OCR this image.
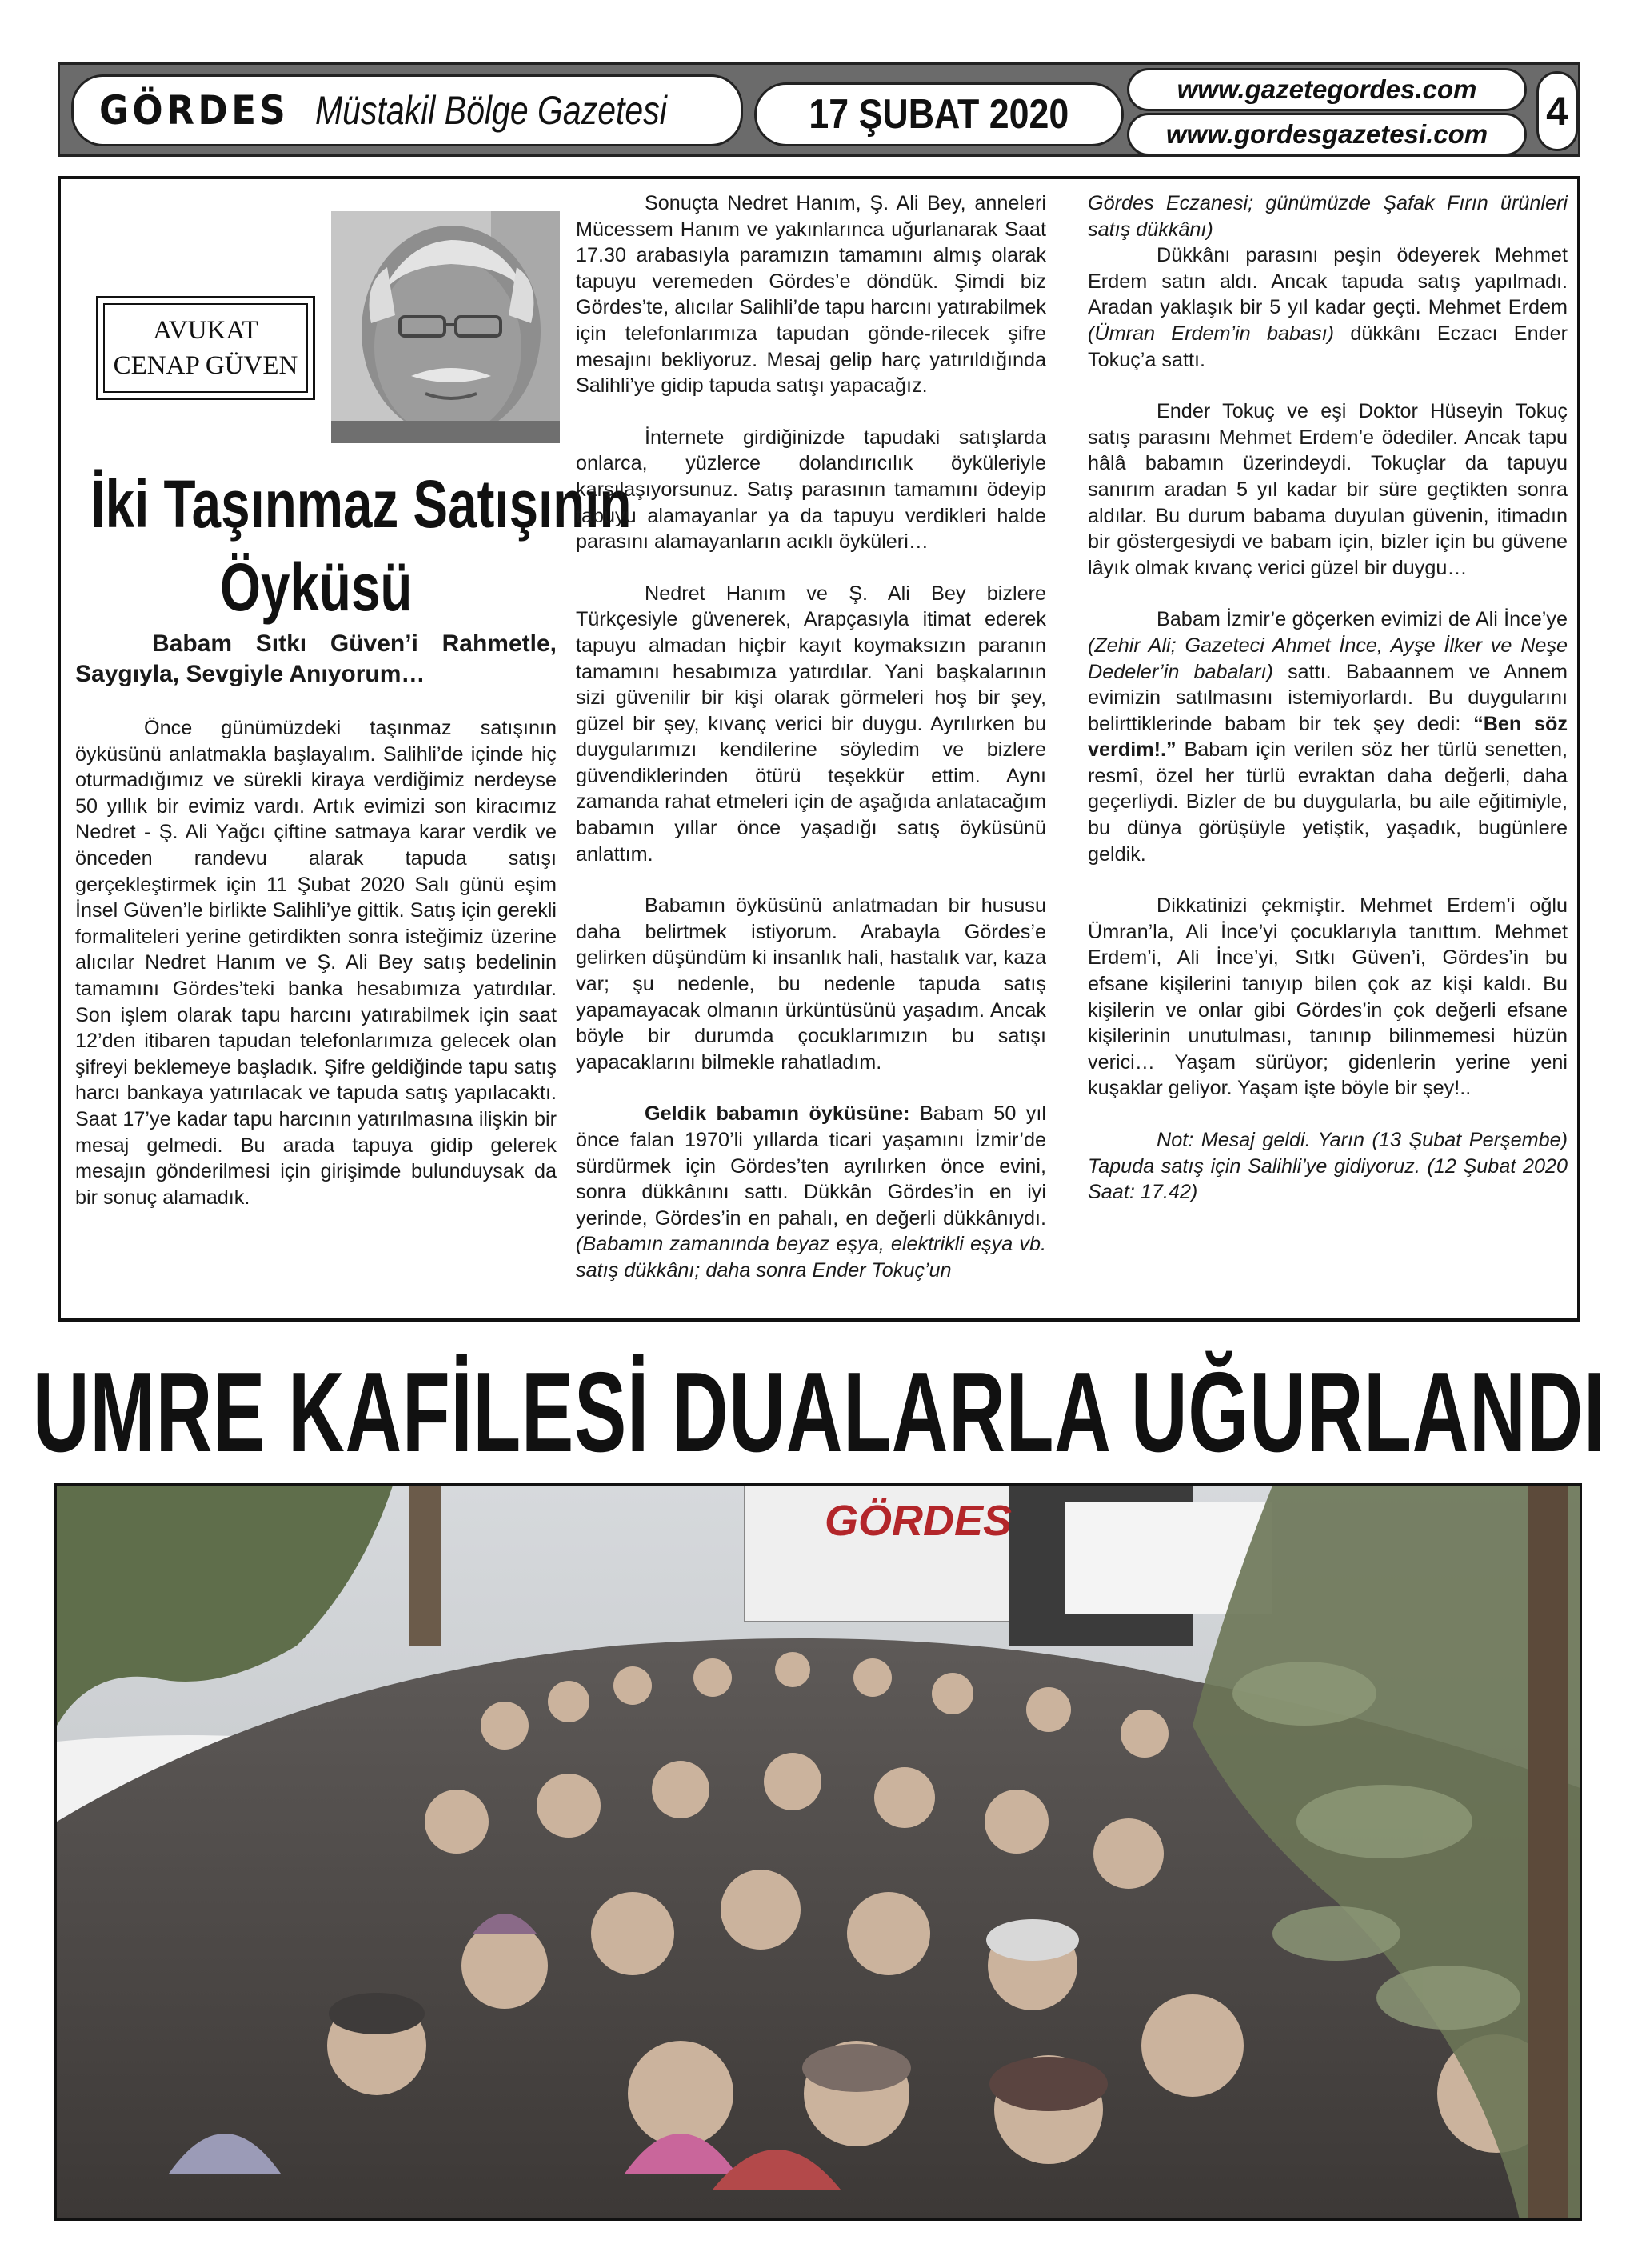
GÖRDES Müstakil Bölge Gazetesi	17 ŞUBAT 2020
www.gazetegordes.com
www.gordesgazetesi.com
4
AVUKAT
CENAP GÜVEN
İki Taşınmaz Satışının
Öyküsü

Babam Sıtkı Güven’i Rahmetle, Saygıyla, Sevgiyle Anıyorum…

Önce günümüzdeki taşınmaz satışının öyküsünü anlatmakla başlayalım. Salihli’de içinde hiç oturmadığımız ve sürekli kiraya verdiğimiz nerdeyse 50 yıllık bir evimiz vardı. Artık evimizi son kiracımız Nedret - Ş. Ali Yağcı çiftine satmaya karar verdik ve önceden randevu alarak tapuda satışı gerçekleştirmek için 11 Şubat 2020 Salı günü eşim İnsel Güven’le birlikte Salihli’ye gittik. Satış için gerekli formaliteleri yerine getirdikten sonra isteğimiz üzerine alıcılar Nedret Hanım ve Ş. Ali Bey satış bedelinin tamamını Gördes’teki banka hesabımıza yatırdılar. Son işlem olarak tapu harcını yatırabilmek için saat 12’den itibaren tapudan telefonlarımıza gelecek olan şifreyi beklemeye başladık. Şifre geldiğinde tapu satış harcı bankaya yatırılacak ve tapuda satış yapılacaktı. Saat 17’ye kadar tapu harcının yatırılmasına ilişkin bir mesaj gelmedi. Bu arada tapuya gidip gelerek mesajın gönderilmesi için girişimde bulunduysak da bir sonuç alamadık.

Sonuçta Nedret Hanım, Ş. Ali Bey, anneleri Mücessem Hanım ve yakınlarınca uğurlanarak Saat 17.30 arabasıyla paramızın tamamını almış olarak tapuyu veremeden Gördes’e döndük. Şimdi biz Gördes’te, alıcılar Salihli’de tapu harcını yatırabilmek için telefonlarımıza tapudan gönde-rilecek şifre mesajını bekliyoruz. Mesaj gelip harç yatırıldığında Salihli’ye gidip tapuda satışı yapacağız.

İnternete girdiğinizde tapudaki satışlarda onlarca, yüzlerce dolandırıcılık öyküleriyle karşılaşıyorsunuz. Satış parasının tamamını ödeyip tapuyu alamayanlar ya da tapuyu verdikleri halde parasını alamayanların acıklı öyküleri…

Nedret Hanım ve Ş. Ali Bey bizlere Türkçesiyle güvenerek, Arapçasıyla itimat ederek tapuyu almadan hiçbir kayıt koymaksızın paranın tamamını hesabımıza yatırdılar. Yani başkalarının sizi güvenilir bir kişi olarak görmeleri hoş bir şey, güzel bir şey, kıvanç verici bir duygu. Ayrılırken bu duygularımızı kendilerine söyledim ve bizlere güvendiklerinden ötürü teşekkür ettim. Aynı zamanda rahat etmeleri için de aşağıda anlatacağım babamın yıllar önce yaşadığı satış öyküsünü anlattım.

Babamın öyküsünü anlatmadan bir hususu daha belirtmek istiyorum. Arabayla Gördes’e gelirken düşündüm ki insanlık hali, hastalık var, kaza var; şu nedenle, bu nedenle tapuda satış yapamayacak olmanın ürküntüsünü yaşadım. Ancak böyle bir durumda çocuklarımızın bu satışı yapacaklarını bilmekle rahatladım.

Geldik babamın öyküsüne: Babam 50 yıl önce falan 1970’li yıllarda ticari yaşamını İzmir’de sürdürmek için Gördes’ten ayrılırken önce evini, sonra dükkânını sattı. Dükkân Gördes’in en iyi yerinde, Gördes’in en pahalı, en değerli dükkânıydı. (Babamın zamanında beyaz eşya, elektrikli eşya vb. satış dükkânı; daha sonra Ender Tokuç’un

Gördes Eczanesi; günümüzde Şafak Fırın ürünleri satış dükkânı)

Dükkânı parasını peşin ödeyerek Mehmet Erdem satın aldı. Ancak tapuda satış yapılmadı. Aradan yaklaşık bir 5 yıl kadar geçti. Mehmet Erdem (Ümran Erdem’in babası) dükkânı Eczacı Ender Tokuç’a sattı.

Ender Tokuç ve eşi Doktor Hüseyin Tokuç satış parasını Mehmet Erdem’e ödediler. Ancak tapu hâlâ babamın üzerindeydi. Tokuçlar da tapuyu sanırım aradan 5 yıl kadar bir süre geçtikten sonra aldılar. Bu durum babama duyulan güvenin, itimadın bir göstergesiydi ve babam için, bizler için bu güvene lâyık olmak kıvanç verici güzel bir duygu…

Babam İzmir’e göçerken evimizi de Ali İnce’ye (Zehir Ali; Gazeteci Ahmet İnce, Ayşe İlker ve Neşe Dedeler’in babaları) sattı. Babaannem ve Annem evimizin satılmasını istemiyorlardı. Bu duygularını belirttiklerinde babam bir tek şey dedi: “Ben söz verdim!.” Babam için verilen söz her türlü senetten, resmî, özel her türlü evraktan daha değerli, daha geçerliydi. Bizler de bu duygularla, bu aile eğitimiyle, bu dünya görüşüyle yetiştik, yaşadık, bugünlere geldik.

Dikkatinizi çekmiştir. Mehmet Erdem’i oğlu Ümran’la, Ali İnce’yi çocuklarıyla tanıttım. Mehmet Erdem’i, Ali İnce’yi, Sıtkı Güven’i, Gördes’in bu efsane kişilerini tanıyıp bilen çok az kişi kaldı. Bu kişilerin ve onlar gibi Gördes’in çok değerli efsane kişilerinin unutulması, tanınıp bilinmemesi hüzün verici… Yaşam sürüyor; gidenlerin yerine yeni kuşaklar geliyor. Yaşam işte böyle bir şey!..

Not: Mesaj geldi. Yarın (13 Şubat Perşembe) Tapuda satış için Salihli’ye gidiyoruz. (12 Şubat 2020 Saat: 17.42)

UMRE KAFİLESİ DUALARLA UĞURLANDI
GÖRDES
